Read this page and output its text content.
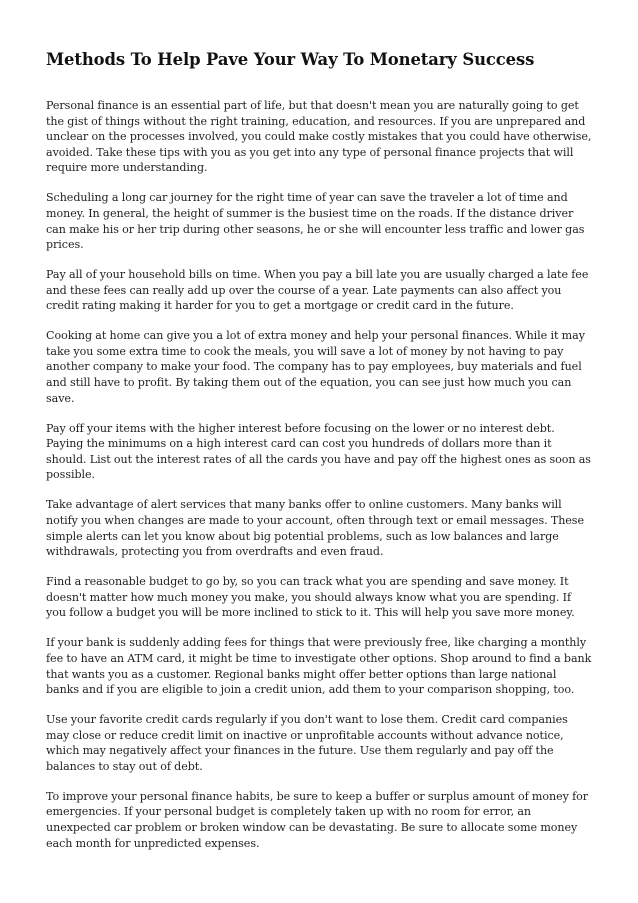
Methods To Help Pave Your Way To Monetary Success

Personal finance is an essential part of life, but that doesn't mean you are naturally going to get the gist of things without the right training, education, and resources. If you are unprepared and unclear on the processes involved, you could make costly mistakes that you could have otherwise, avoided. Take these tips with you as you get into any type of personal finance projects that will require more understanding.

Scheduling a long car journey for the right time of year can save the traveler a lot of time and money. In general, the height of summer is the busiest time on the roads. If the distance driver can make his or her trip during other seasons, he or she will encounter less traffic and lower gas prices.

Pay all of your household bills on time. When you pay a bill late you are usually charged a late fee and these fees can really add up over the course of a year. Late payments can also affect you credit rating making it harder for you to get a mortgage or credit card in the future.

Cooking at home can give you a lot of extra money and help your personal finances. While it may take you some extra time to cook the meals, you will save a lot of money by not having to pay another company to make your food. The company has to pay employees, buy materials and fuel and still have to profit. By taking them out of the equation, you can see just how much you can save.

Pay off your items with the higher interest before focusing on the lower or no interest debt. Paying the minimums on a high interest card can cost you hundreds of dollars more than it should. List out the interest rates of all the cards you have and pay off the highest ones as soon as possible.

Take advantage of alert services that many banks offer to online customers. Many banks will notify you when changes are made to your account, often through text or email messages. These simple alerts can let you know about big potential problems, such as low balances and large withdrawals, protecting you from overdrafts and even fraud.

Find a reasonable budget to go by, so you can track what you are spending and save money. It doesn't matter how much money you make, you should always know what you are spending. If you follow a budget you will be more inclined to stick to it. This will help you save more money.

If your bank is suddenly adding fees for things that were previously free, like charging a monthly fee to have an ATM card, it might be time to investigate other options. Shop around to find a bank that wants you as a customer. Regional banks might offer better options than large national banks and if you are eligible to join a credit union, add them to your comparison shopping, too.

Use your favorite credit cards regularly if you don't want to lose them. Credit card companies may close or reduce credit limit on inactive or unprofitable accounts without advance notice, which may negatively affect your finances in the future. Use them regularly and pay off the balances to stay out of debt.

To improve your personal finance habits, be sure to keep a buffer or surplus amount of money for emergencies. If your personal budget is completely taken up with no room for error, an unexpected car problem or broken window can be devastating. Be sure to allocate some money each month for unpredicted expenses.
